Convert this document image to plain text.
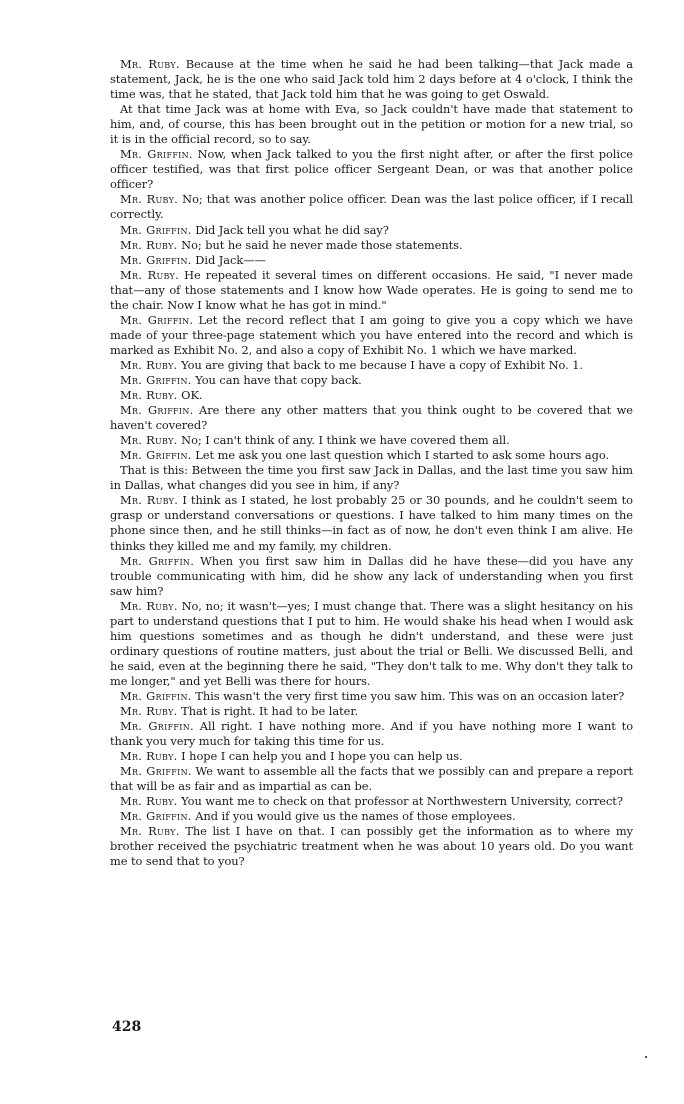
Mr. Ruby. Because at the time when he said he had been talking—that Jack made a statement, Jack, he is the one who said Jack told him 2 days before at 4 o'clock, I think the time was, that he stated, that Jack told him that he was going to get Oswald.

At that time Jack was at home with Eva, so Jack couldn't have made that statement to him, and, of course, this has been brought out in the petition or motion for a new trial, so it is in the official record, so to say.

Mr. Griffin. Now, when Jack talked to you the first night after, or after the first police officer testified, was that first police officer Sergeant Dean, or was that another police officer?

Mr. Ruby. No; that was another police officer. Dean was the last police officer, if I recall correctly.

Mr. Griffin. Did Jack tell you what he did say?

Mr. Ruby. No; but he said he never made those statements.

Mr. Griffin. Did Jack——

Mr. Ruby. He repeated it several times on different occasions. He said, "I never made that—any of those statements and I know how Wade operates. He is going to send me to the chair. Now I know what he has got in mind."

Mr. Griffin. Let the record reflect that I am going to give you a copy which we have made of your three-page statement which you have entered into the record and which is marked as Exhibit No. 2, and also a copy of Exhibit No. 1 which we have marked.

Mr. Ruby. You are giving that back to me because I have a copy of Exhibit No. 1.

Mr. Griffin. You can have that copy back.

Mr. Ruby. OK.

Mr. Griffin. Are there any other matters that you think ought to be covered that we haven't covered?

Mr. Ruby. No; I can't think of any. I think we have covered them all.

Mr. Griffin. Let me ask you one last question which I started to ask some hours ago.

That is this: Between the time you first saw Jack in Dallas, and the last time you saw him in Dallas, what changes did you see in him, if any?

Mr. Ruby. I think as I stated, he lost probably 25 or 30 pounds, and he couldn't seem to grasp or understand conversations or questions. I have talked to him many times on the phone since then, and he still thinks—in fact as of now, he don't even think I am alive. He thinks they killed me and my family, my children.

Mr. Griffin. When you first saw him in Dallas did he have these—did you have any trouble communicating with him, did he show any lack of understanding when you first saw him?

Mr. Ruby. No, no; it wasn't—yes; I must change that. There was a slight hesitancy on his part to understand questions that I put to him. He would shake his head when I would ask him questions sometimes and as though he didn't understand, and these were just ordinary questions of routine matters, just about the trial or Belli. We discussed Belli, and he said, even at the beginning there he said, "They don't talk to me. Why don't they talk to me longer," and yet Belli was there for hours.

Mr. Griffin. This wasn't the very first time you saw him. This was on an occasion later?

Mr. Ruby. That is right. It had to be later.

Mr. Griffin. All right. I have nothing more. And if you have nothing more I want to thank you very much for taking this time for us.

Mr. Ruby. I hope I can help you and I hope you can help us.

Mr. Griffin. We want to assemble all the facts that we possibly can and prepare a report that will be as fair and as impartial as can be.

Mr. Ruby. You want me to check on that professor at Northwestern University, correct?

Mr. Griffin. And if you would give us the names of those employees.

Mr. Ruby. The list I have on that. I can possibly get the information as to where my brother received the psychiatric treatment when he was about 10 years old. Do you want me to send that to you?

428
